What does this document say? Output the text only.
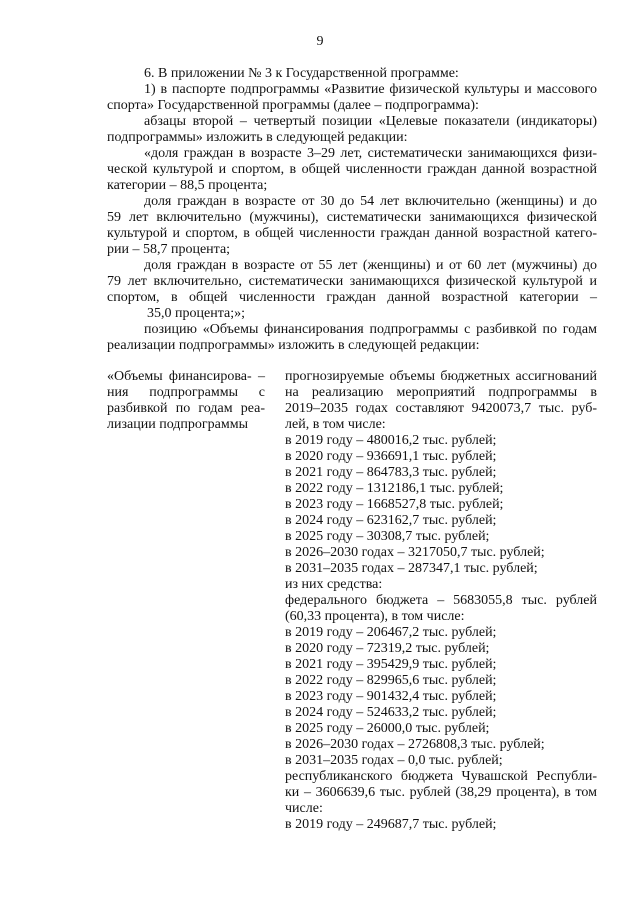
9

6. В приложении № 3 к Государственной программе:

1) в паспорте подпрограммы «Развитие физической культуры и массового

спорта» Государственной программы (далее – подпрограмма):

абзацы второй – четвертый позиции «Целевые показатели (индикаторы)

подпрограммы» изложить в следующей редакции:

«доля граждан в возрасте 3–29 лет, систематически занимающихся физи-

ческой культурой и спортом, в общей численности граждан данной возрастной

категории – 88,5 процента;

доля граждан в возрасте от 30 до 54 лет включительно (женщины) и до

59 лет включительно (мужчины), систематически занимающихся физической

культурой и спортом, в общей численности граждан данной возрастной катего-

рии – 58,7 процента;

доля граждан в возрасте от 55 лет (женщины) и от 60 лет (мужчины) до

79 лет включительно, систематически занимающихся физической культурой и

спортом, в общей численности граждан данной возрастной категории –

35,0 процента;»;

позицию «Объемы финансирования подпрограммы с разбивкой по годам

реализации подпрограммы» изложить в следующей редакции:

«Объемы финансирова- –
ния подпрограммы с
разбивкой по годам реа-
лизации подпрограммы
прогнозируемые объемы бюджетных ассигнований
на реализацию мероприятий подпрограммы в
2019–2035 годах составляют 9420073,7 тыс. руб-
лей, в том числе:
в 2019 году – 480016,2 тыс. рублей;
в 2020 году – 936691,1 тыс. рублей;
в 2021 году – 864783,3 тыс. рублей;
в 2022 году – 1312186,1 тыс. рублей;
в 2023 году – 1668527,8 тыс. рублей;
в 2024 году – 623162,7 тыс. рублей;
в 2025 году – 30308,7 тыс. рублей;
в 2026–2030 годах – 3217050,7 тыс. рублей;
в 2031–2035 годах – 287347,1 тыс. рублей;
из них средства:
федерального бюджета – 5683055,8 тыс. рублей
(60,33 процента), в том числе:
в 2019 году – 206467,2 тыс. рублей;
в 2020 году – 72319,2 тыс. рублей;
в 2021 году – 395429,9 тыс. рублей;
в 2022 году – 829965,6 тыс. рублей;
в 2023 году – 901432,4 тыс. рублей;
в 2024 году – 524633,2 тыс. рублей;
в 2025 году – 26000,0 тыс. рублей;
в 2026–2030 годах – 2726808,3 тыс. рублей;
в 2031–2035 годах – 0,0 тыс. рублей;
республиканского бюджета Чувашской Республи-
ки – 3606639,6 тыс. рублей (38,29 процента), в том
числе:
в 2019 году – 249687,7 тыс. рублей;
